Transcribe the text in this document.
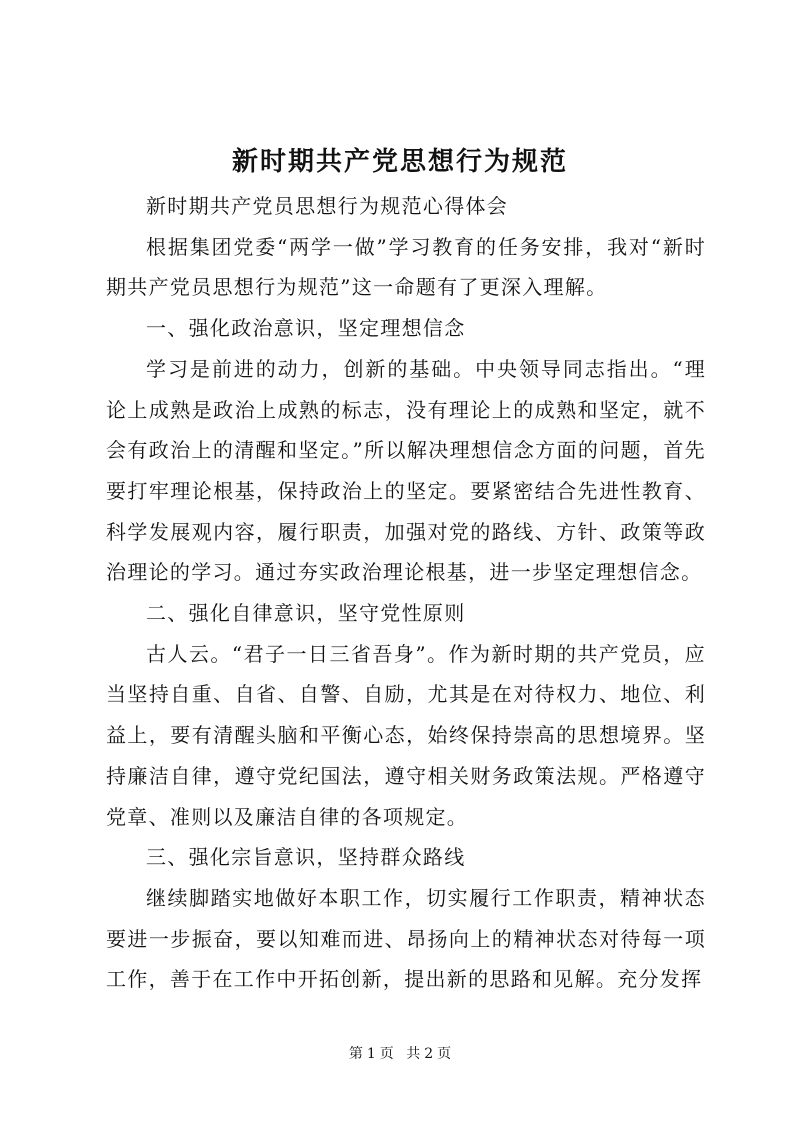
新时期共产党思想行为规范

新时期共产党员思想行为规范心得体会

根据集团党委“两学一做”学习教育的任务安排，我对“新时期共产党员思想行为规范”这一命题有了更深入理解。

一、强化政治意识，坚定理想信念

学习是前进的动力，创新的基础。中央领导同志指出。“理论上成熟是政治上成熟的标志，没有理论上的成熟和坚定，就不会有政治上的清醒和坚定。”所以解决理想信念方面的问题，首先要打牢理论根基，保持政治上的坚定。要紧密结合先进性教育、科学发展观内容，履行职责，加强对党的路线、方针、政策等政治理论的学习。通过夯实政治理论根基，进一步坚定理想信念。

二、强化自律意识，坚守党性原则

古人云。“君子一日三省吾身”。作为新时期的共产党员，应当坚持自重、自省、自警、自励，尤其是在对待权力、地位、利益上，要有清醒头脑和平衡心态，始终保持崇高的思想境界。坚持廉洁自律，遵守党纪国法，遵守相关财务政策法规。严格遵守党章、准则以及廉洁自律的各项规定。

三、强化宗旨意识，坚持群众路线

继续脚踏实地做好本职工作，切实履行工作职责，精神状态要进一步振奋，要以知难而进、昂扬向上的精神状态对待每一项工作，善于在工作中开拓创新，提出新的思路和见解。充分发挥

第 1 页 共 2 页
